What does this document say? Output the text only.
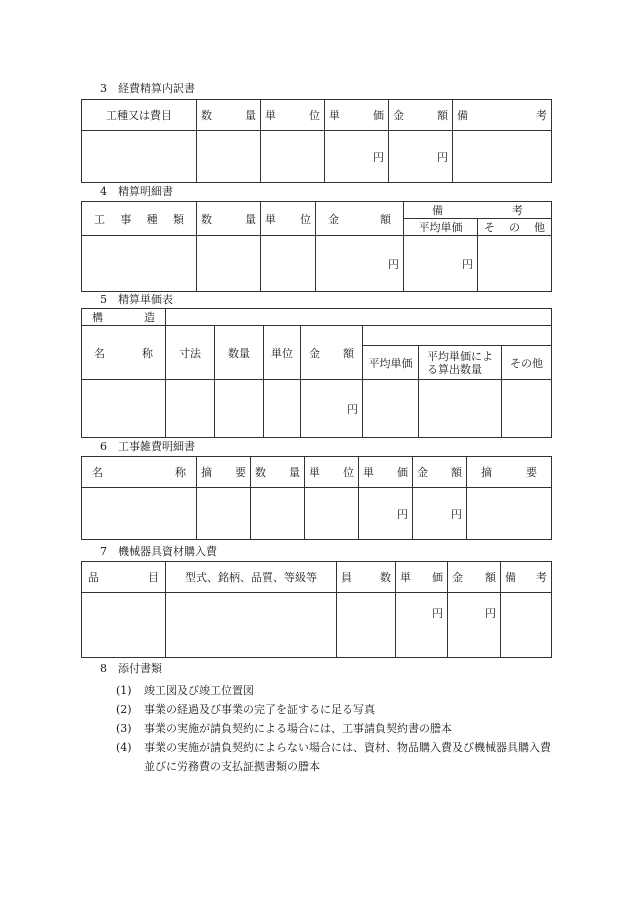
3　経費精算内訳書
工種又は費目	数　量	単　位	単　価	金　額	備　考
			円	円	
4　精算明細書
工事種類	数　量	単　位	金　額	備　考	
				平均単価	その他
			円	円	
5　精算単価表
構　造							
名　称	寸法	数量	単位	金　額			
					平均単価	平均単価による算出数量	その他
				円			
6　工事雑費明細書
名　称	摘　要	数　量	単　位	単　価	金　額	摘　要
				円	円	
7　機械器具資材購入費
品　目	型式、銘柄、品質、等級等	員　数	単　価	金　額	備　考
			円	円	
8　添付書類
(1) 竣工図及び竣工位置図
(2) 事業の経過及び事業の完了を証するに足る写真
(3) 事業の実施が請負契約による場合には、工事請負契約書の謄本
(4) 事業の実施が請負契約によらない場合には、資材、物品購入費及び機械器具購入費並びに労務費の支払証拠書類の謄本
